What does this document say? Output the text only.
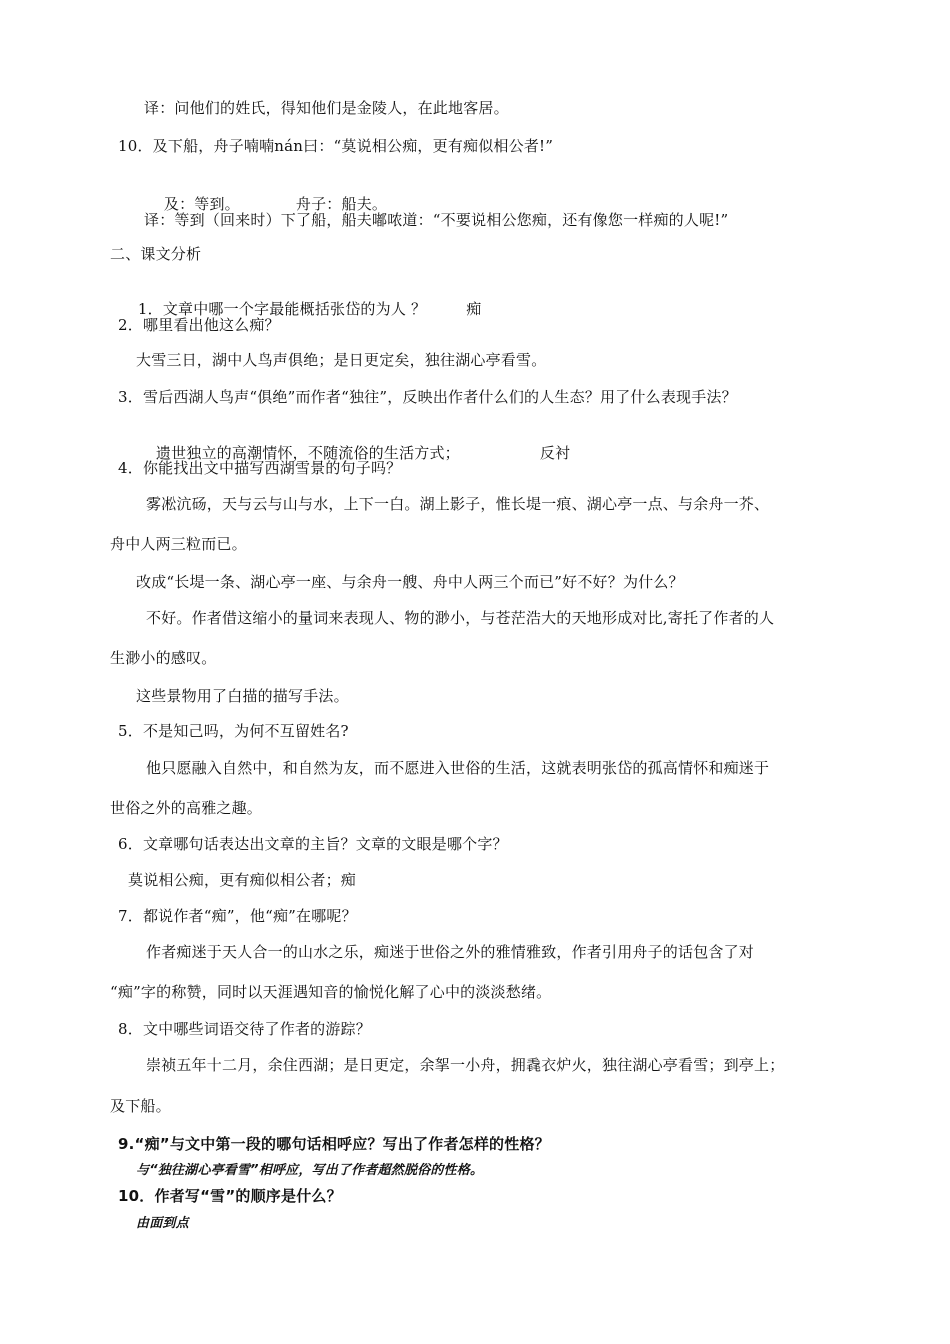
译：问他们的姓氏，得知他们是金陵人，在此地客居。
10．及下船，舟子喃喃nán曰：“莫说相公痴，更有痴似相公者!”

及：等到。	舟子：船夫。

译：等到（回来时）下了船，船夫嘟哝道：“不要说相公您痴，还有像您一样痴的人呢!”
二、课文分析

1．文章中哪一个字最能概括张岱的为人 ？	痴

2．哪里看出他这么痴？
大雪三日，湖中人鸟声俱绝；是日更定矣，独往湖心亭看雪。
3．雪后西湖人鸟声“俱绝”而作者“独往”，反映出作者什么们的人生态？用了什么表现手法？

遗世独立的高潮情怀，不随流俗的生活方式；	反衬

4．你能找出文中描写西湖雪景的句子吗？
雾凇沆砀，天与云与山与水，上下一白。湖上影子，惟长堤一痕、湖心亭一点、与余舟一芥、
舟中人两三粒而已。
改成“长堤一条、湖心亭一座、与余舟一艘、舟中人两三个而已”好不好？为什么？
不好。作者借这缩小的量词来表现人、物的渺小，与苍茫浩大的天地形成对比,寄托了作者的人
生渺小的感叹。
这些景物用了白描的描写手法。
5．不是知己吗，为何不互留姓名?
他只愿融入自然中，和自然为友，而不愿进入世俗的生活，这就表明张岱的孤高情怀和痴迷于
世俗之外的高雅之趣。
6．文章哪句话表达出文章的主旨？文章的文眼是哪个字？
莫说相公痴，更有痴似相公者；痴
7．都说作者“痴”，他“痴”在哪呢？
作者痴迷于天人合一的山水之乐，痴迷于世俗之外的雅情雅致，作者引用舟子的话包含了对
“痴”字的称赞，同时以天涯遇知音的愉悦化解了心中的淡淡愁绪。
8．文中哪些词语交待了作者的游踪？
崇祯五年十二月，余住西湖；是日更定，余挐一小舟，拥毳衣炉火，独往湖心亭看雪；到亭上；
及下船。
9.“痴”与文中第一段的哪句话相呼应？写出了作者怎样的性格？
与“独往湖心亭看雪”相呼应，写出了作者超然脱俗的性格。
10．作者写“雪”的顺序是什么？
由面到点
